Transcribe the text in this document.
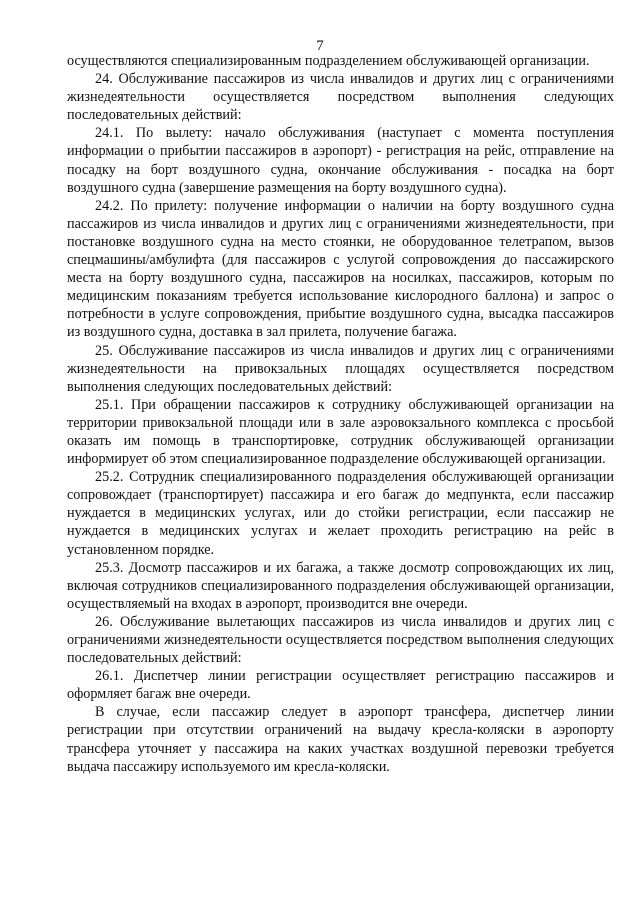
7

осуществляются специализированным подразделением обслуживающей организации.

24. Обслуживание пассажиров из числа инвалидов и других лиц с ограничениями жизнедеятельности осуществляется посредством выполнения следующих последовательных действий:

24.1. По вылету: начало обслуживания (наступает с момента поступления информации о прибытии пассажиров в аэропорт) - регистрация на рейс, отправление на посадку на борт воздушного судна, окончание обслуживания - посадка на борт воздушного судна (завершение размещения на борту воздушного судна).

24.2. По прилету: получение информации о наличии на борту воздушного судна пассажиров из числа инвалидов и других лиц с ограничениями жизнедеятельности, при постановке воздушного судна на место стоянки, не оборудованное телетрапом, вызов спецмашины/амбулифта (для пассажиров с услугой сопровождения до пассажирского места на борту воздушного судна, пассажиров на носилках, пассажиров, которым по медицинским показаниям требуется использование кислородного баллона) и запрос о потребности в услуге сопровождения, прибытие воздушного судна, высадка пассажиров из воздушного судна, доставка в зал прилета, получение багажа.

25. Обслуживание пассажиров из числа инвалидов и других лиц с ограничениями жизнедеятельности на привокзальных площадях осуществляется посредством выполнения следующих последовательных действий:

25.1. При обращении пассажиров к сотруднику обслуживающей организации на территории привокзальной площади или в зале аэровокзального комплекса с просьбой оказать им помощь в транспортировке, сотрудник обслуживающей организации информирует об этом специализированное подразделение обслуживающей организации.

25.2. Сотрудник специализированного подразделения обслуживающей организации сопровождает (транспортирует) пассажира и его багаж до медпункта, если пассажир нуждается в медицинских услугах, или до стойки регистрации, если пассажир не нуждается в медицинских услугах и желает проходить регистрацию на рейс в установленном порядке.

25.3. Досмотр пассажиров и их багажа, а также досмотр сопровождающих их лиц, включая сотрудников специализированного подразделения обслуживающей организации, осуществляемый на входах в аэропорт, производится вне очереди.

26. Обслуживание вылетающих пассажиров из числа инвалидов и других лиц с ограничениями жизнедеятельности осуществляется посредством выполнения следующих последовательных действий:

26.1. Диспетчер линии регистрации осуществляет регистрацию пассажиров и оформляет багаж вне очереди.

В случае, если пассажир следует в аэропорт трансфера, диспетчер линии регистрации при отсутствии ограничений на выдачу кресла-коляски в аэропорту трансфера уточняет у пассажира на каких участках воздушной перевозки требуется выдача пассажиру используемого им кресла-коляски.
